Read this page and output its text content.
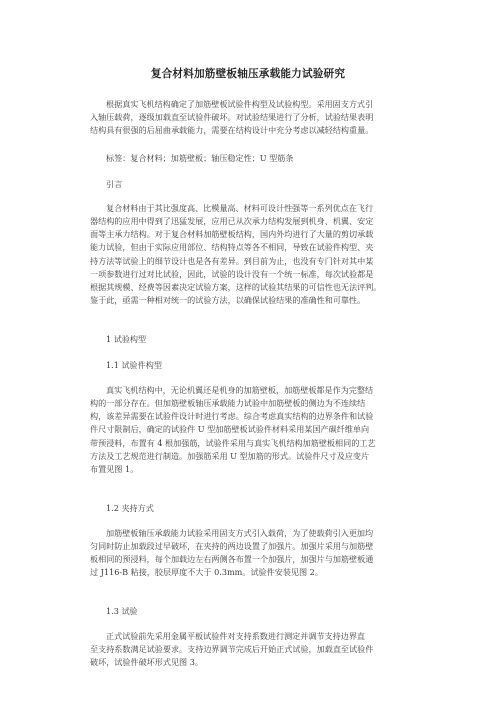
复合材料加筋壁板轴压承载能力试验研究
根据真实飞机结构确定了加筋壁板试验件构型及试验构型。采用固支方式引
入轴压载荷，逐级加载直至试验件破坏。对试验结果进行了分析，试验结果表明
结构具有很强的后屈曲承载能力，需要在结构设计中充分考虑以减轻结构重量。
标签：复合材料；加筋壁板；轴压稳定性；U 型筋条
引言
复合材料由于其比强度高、比模量高、材料可设计性强等一系列优点在飞行
器结构的应用中得到了迅猛发展，应用已从次承力结构发展到机身、机翼、安定
面等主承力结构。对于复合材料加筋壁板结构，国内外均进行了大量的剪切承载
能力试验，但由于实际应用部位、结构特点等各不相同，导致在试验件构型、夹
持方法等试验上的细节设计也是各有差异。到目前为止，也没有专门针对其中某
一项参数进行过对比试验，因此，试验的设计没有一个统一标准，每次试验都是
根据其规模、经费等因素决定试验方案，这样的试验其结果的可信性也无法评判。
鉴于此，亟需一种相对统一的试验方法，以确保试验结果的准确性和可靠性。
1 试验构型
1.1 试验件构型
真实飞机结构中，无论机翼还是机身的加筋壁板，加筋壁板都是作为完整结
构的一部分存在。但加筋壁板轴压承载能力试验中加筋壁板的侧边为不连续结
构，该差异需要在试验件设计时进行考虑。综合考虑真实结构的边界条件和试验
件尺寸限制后，确定的试验件 U 型加筋壁板试验件材料采用某国产碳纤维单向
带预浸料，布置有 4 根加强筋，试验件采用与真实飞机结构加筋壁板相同的工艺
方法及工艺规范进行制造。加强筋采用 U 型加筋的形式。试验件尺寸及应变片
布置见图 1。
1.2 夹持方式
加筋壁板轴压承载能力试验采用固支方式引入载荷，为了使载荷引入更加均
匀同时防止加载段过早破坏，在夹持的两边设置了加强片。加强片采用与加筋壁
板相同的预浸料，每个加载边左右两侧各布置一个加强片，加强片与加筋壁板通
过 J116-B 粘接，胶层厚度不大于 0.3mm。试验件安装见图 2。
1.3 试验
正式试验前先采用金属平板试验件对支持系数进行测定并调节支持边界直
至支持系数满足试验要求。支持边界调节完成后开始正式试验，加载直至试验件
破坏，试验件破坏形式见图 3。
